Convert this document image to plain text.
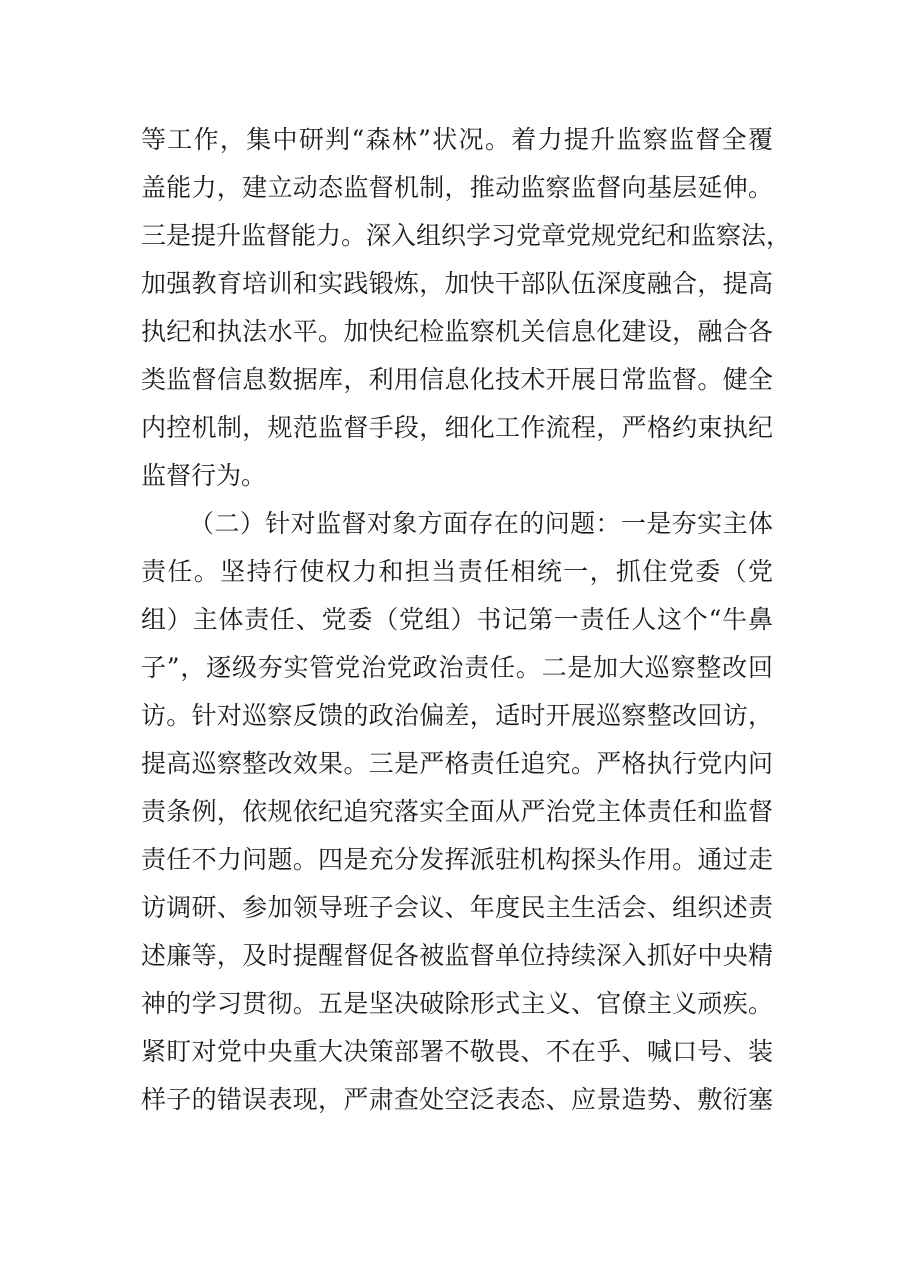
等工作，集中研判“森林”状况。着力提升监察监督全覆
盖能力，建立动态监督机制，推动监察监督向基层延伸。
三是提升监督能力。深入组织学习党章党规党纪和监察法，
加强教育培训和实践锻炼，加快干部队伍深度融合，提高
执纪和执法水平。加快纪检监察机关信息化建设，融合各
类监督信息数据库，利用信息化技术开展日常监督。健全
内控机制，规范监督手段，细化工作流程，严格约束执纪
监督行为。
（二）针对监督对象方面存在的问题：一是夯实主体
责任。坚持行使权力和担当责任相统一，抓住党委（党
组）主体责任、党委（党组）书记第一责任人这个“牛鼻
子”，逐级夯实管党治党政治责任。二是加大巡察整改回
访。针对巡察反馈的政治偏差，适时开展巡察整改回访，
提高巡察整改效果。三是严格责任追究。严格执行党内问
责条例，依规依纪追究落实全面从严治党主体责任和监督
责任不力问题。四是充分发挥派驻机构探头作用。通过走
访调研、参加领导班子会议、年度民主生活会、组织述责
述廉等，及时提醒督促各被监督单位持续深入抓好中央精
神的学习贯彻。五是坚决破除形式主义、官僚主义顽疾。
紧盯对党中央重大决策部署不敬畏、不在乎、喊口号、装
样子的错误表现，严肃查处空泛表态、应景造势、敷衍塞
